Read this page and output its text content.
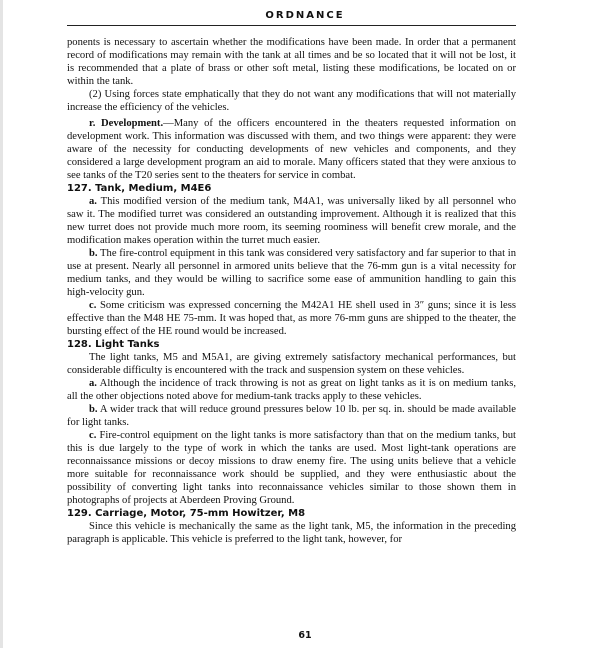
ORDNANCE

ponents is necessary to ascertain whether the modifications have been made. In order that a permanent record of modifications may remain with the tank at all times and be so located that it will not be lost, it is recommended that a plate of brass or other soft metal, listing these modifications, be located on or within the tank.

(2) Using forces state emphatically that they do not want any modifications that will not materially increase the efficiency of the vehicles.

r. Development.—Many of the officers encountered in the theaters requested information on development work. This information was discussed with them, and two things were apparent: they were aware of the necessity for conducting developments of new vehicles and components, and they considered a large development program an aid to morale. Many officers stated that they were anxious to see tanks of the T20 series sent to the theaters for service in combat.

127. Tank, Medium, M4E6

a. This modified version of the medium tank, M4A1, was universally liked by all personnel who saw it. The modified turret was considered an outstanding improvement. Although it is realized that this new turret does not provide much more room, its seeming roominess will benefit crew morale, and the modification makes operation within the turret much easier.

b. The fire-control equipment in this tank was considered very satisfactory and far superior to that in use at present. Nearly all personnel in armored units believe that the 76-mm gun is a vital necessity for medium tanks, and they would be willing to sacrifice some ease of ammunition handling to gain this high-velocity gun.

c. Some criticism was expressed concerning the M42A1 HE shell used in 3″ guns; since it is less effective than the M48 HE 75-mm. It was hoped that, as more 76-mm guns are shipped to the theater, the bursting effect of the HE round would be increased.

128. Light Tanks

The light tanks, M5 and M5A1, are giving extremely satisfactory mechanical performances, but considerable difficulty is encountered with the track and suspension system on these vehicles.

a. Although the incidence of track throwing is not as great on light tanks as it is on medium tanks, all the other objections noted above for medium-tank tracks apply to these vehicles.

b. A wider track that will reduce ground pressures below 10 lb. per sq. in. should be made available for light tanks.

c. Fire-control equipment on the light tanks is more satisfactory than that on the medium tanks, but this is due largely to the type of work in which the tanks are used. Most light-tank operations are reconnaissance missions or decoy missions to draw enemy fire. The using units believe that a vehicle more suitable for reconnaissance work should be supplied, and they were enthusiastic about the possibility of converting light tanks into reconnaissance vehicles similar to those shown them in photographs of projects at Aberdeen Proving Ground.

129. Carriage, Motor, 75-mm Howitzer, M8

Since this vehicle is mechanically the same as the light tank, M5, the information in the preceding paragraph is applicable. This vehicle is preferred to the light tank, however, for

61
